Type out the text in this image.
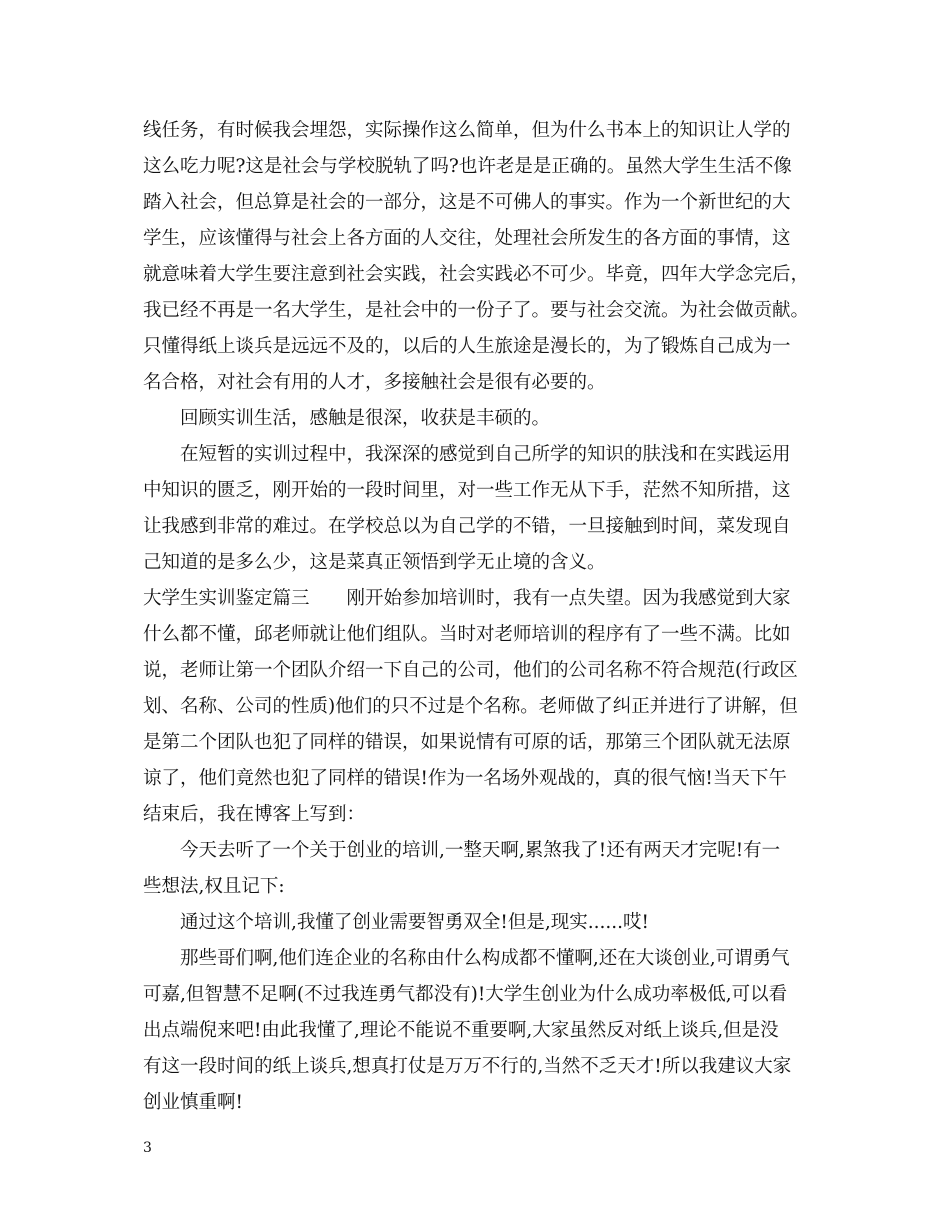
线任务，有时候我会埋怨，实际操作这么简单，但为什么书本上的知识让人学的
这么吃力呢?这是社会与学校脱轨了吗?也许老是是正确的。虽然大学生生活不像
踏入社会，但总算是社会的一部分，这是不可佛人的事实。作为一个新世纪的大
学生，应该懂得与社会上各方面的人交往，处理社会所发生的各方面的事情，这
就意味着大学生要注意到社会实践，社会实践必不可少。毕竟，四年大学念完后，
我已经不再是一名大学生，是社会中的一份子了。要与社会交流。为社会做贡献。
只懂得纸上谈兵是远远不及的，以后的人生旅途是漫长的，为了锻炼自己成为一
名合格，对社会有用的人才，多接触社会是很有必要的。
回顾实训生活，感触是很深，收获是丰硕的。
在短暂的实训过程中，我深深的感觉到自己所学的知识的肤浅和在实践运用
中知识的匮乏，刚开始的一段时间里，对一些工作无从下手，茫然不知所措，这
让我感到非常的难过。在学校总以为自己学的不错，一旦接触到时间，菜发现自
己知道的是多么少，这是菜真正领悟到学无止境的含义。
大学生实训鉴定篇三　　刚开始参加培训时，我有一点失望。因为我感觉到大家
什么都不懂，邱老师就让他们组队。当时对老师培训的程序有了一些不满。比如
说，老师让第一个团队介绍一下自己的公司，他们的公司名称不符合规范(行政区
划、名称、公司的性质)他们的只不过是个名称。老师做了纠正并进行了讲解，但
是第二个团队也犯了同样的错误，如果说情有可原的话，那第三个团队就无法原
谅了，他们竟然也犯了同样的错误!作为一名场外观战的，真的很气恼!当天下午
结束后，我在博客上写到：
今天去听了一个关于创业的培训,一整天啊,累煞我了!还有两天才完呢!有一
些想法,权且记下:
通过这个培训,我懂了创业需要智勇双全!但是,现实......哎!
那些哥们啊,他们连企业的名称由什么构成都不懂啊,还在大谈创业,可谓勇气
可嘉,但智慧不足啊(不过我连勇气都没有)!大学生创业为什么成功率极低,可以看
出点端倪来吧!由此我懂了,理论不能说不重要啊,大家虽然反对纸上谈兵,但是没
有这一段时间的纸上谈兵,想真打仗是万万不行的,当然不乏天才!所以我建议大家
创业慎重啊!
3
